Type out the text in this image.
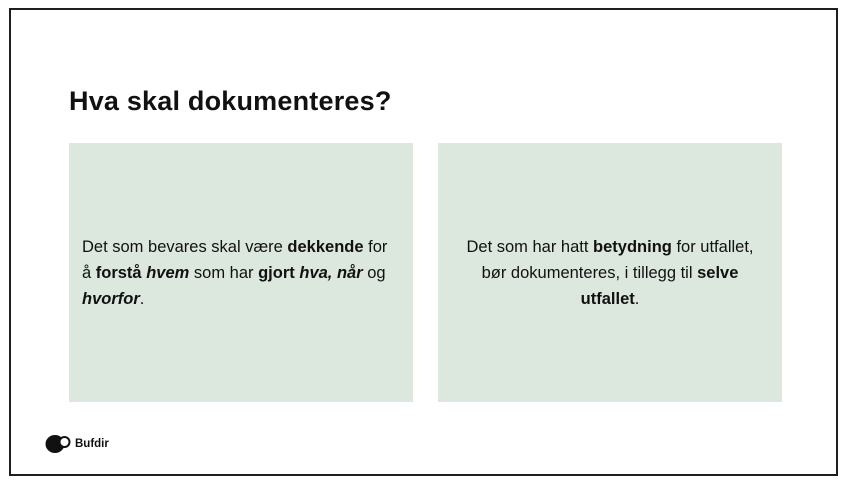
Hva skal dokumenteres?

Det som bevares skal være dekkende for å forstå hvem som har gjort hva, når og hvorfor.

Det som har hatt betydning for utfallet, bør dokumenteres, i tillegg til selve utfallet.

Bufdir
